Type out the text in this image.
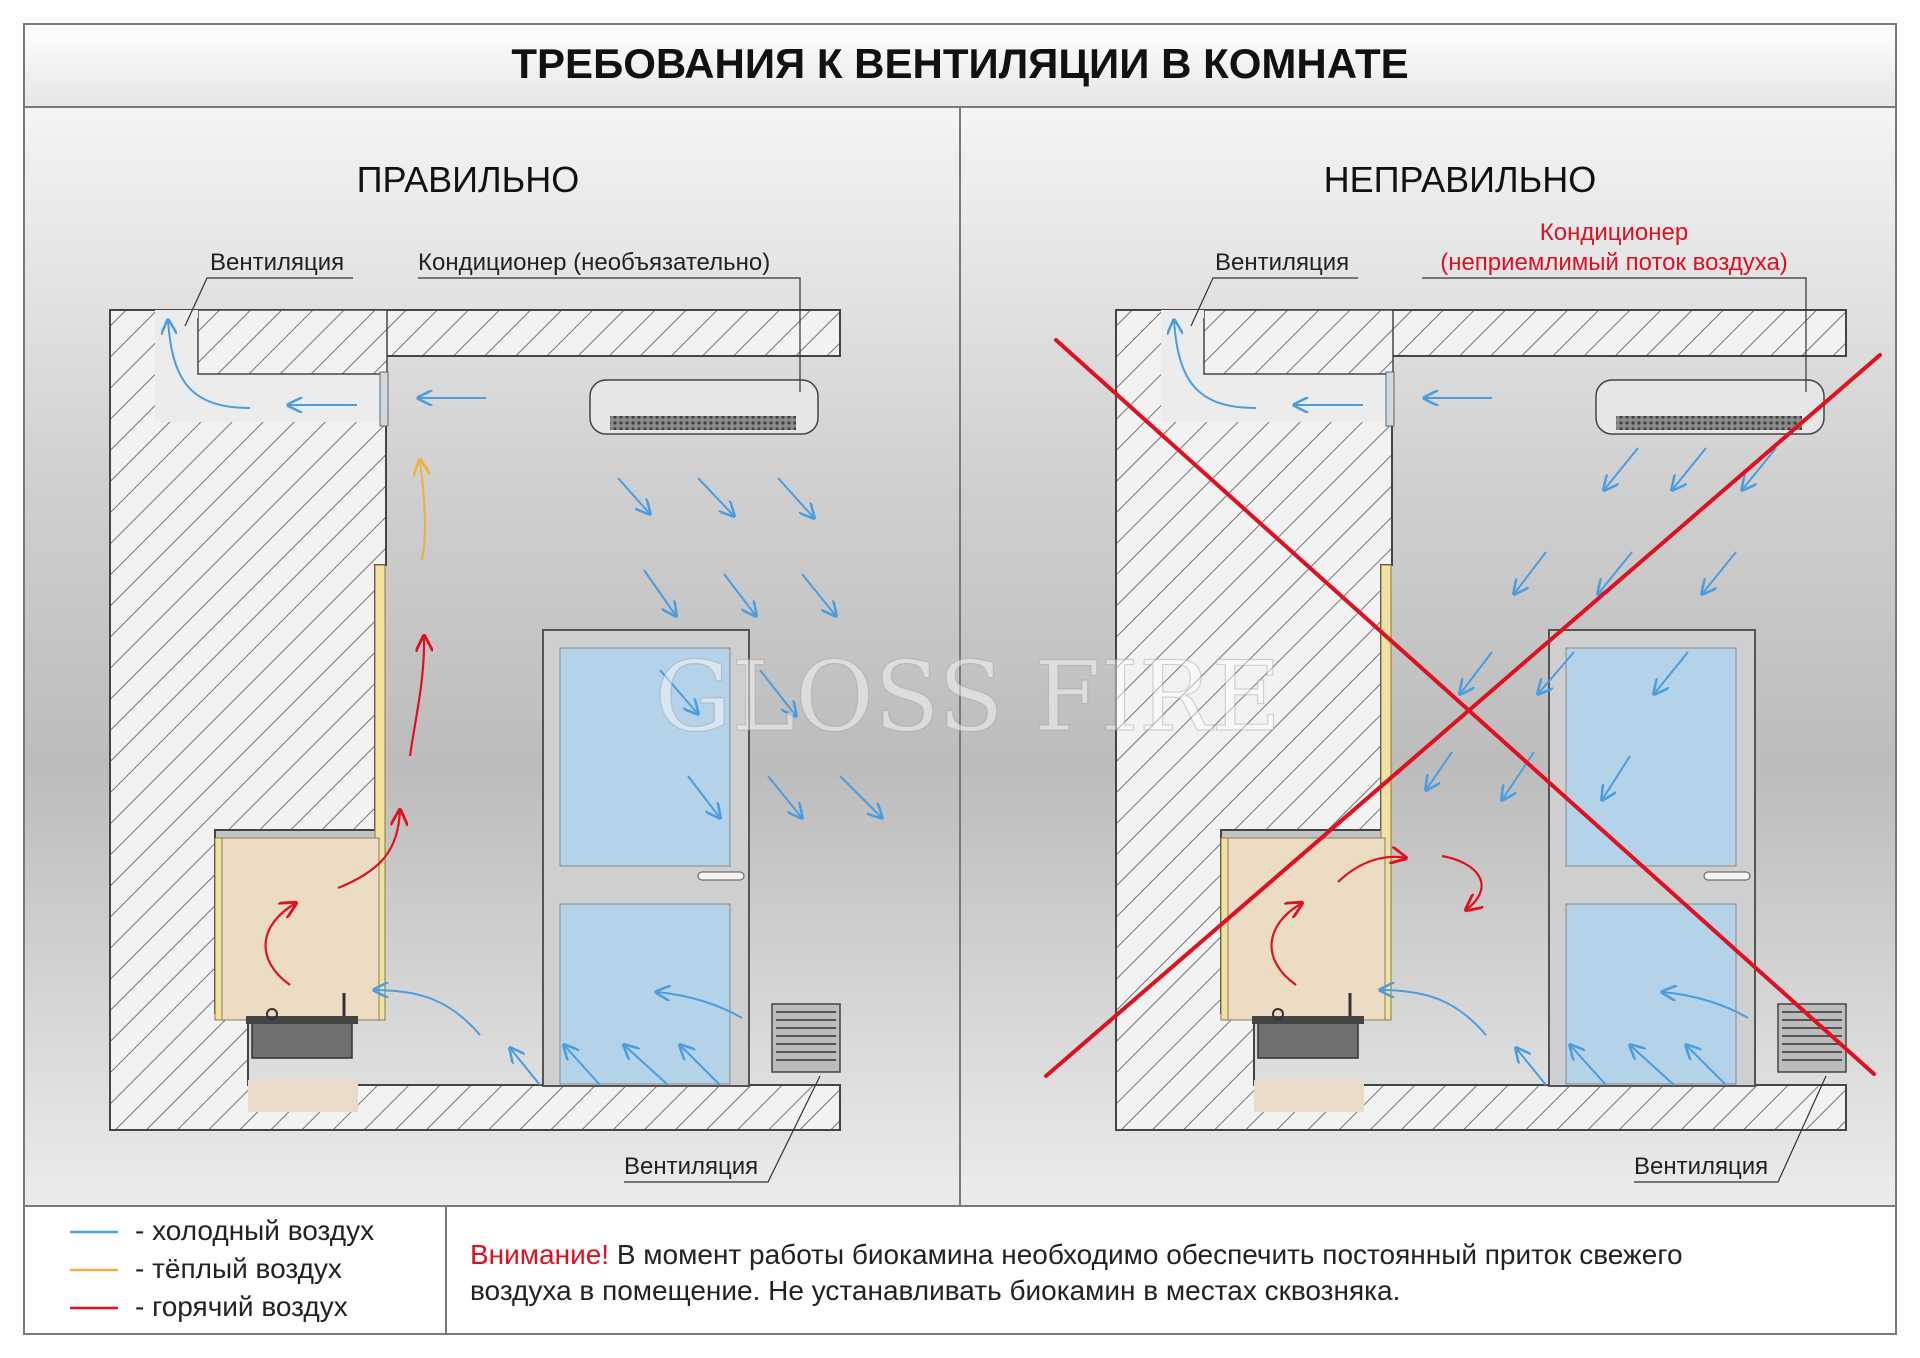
ТРЕБОВАНИЯ К ВЕНТИЛЯЦИИ В КОМНАТЕ
ПРАВИЛЬНО
Вентиляция	Кондиционер (необъязательно)
Вентиляция
НЕПРАВИЛЬНО
Вентиляция
Кондиционер
(неприемлимый поток воздуха)
Вентиляция
GLOSS FIRE
- холодный воздух
- тёплый воздух
- горячий воздух
Внимание! В момент работы биокамина необходимо обеспечить постоянный приток свежего
воздуха в помещение. Не устанавливать биокамин в местах сквозняка.
